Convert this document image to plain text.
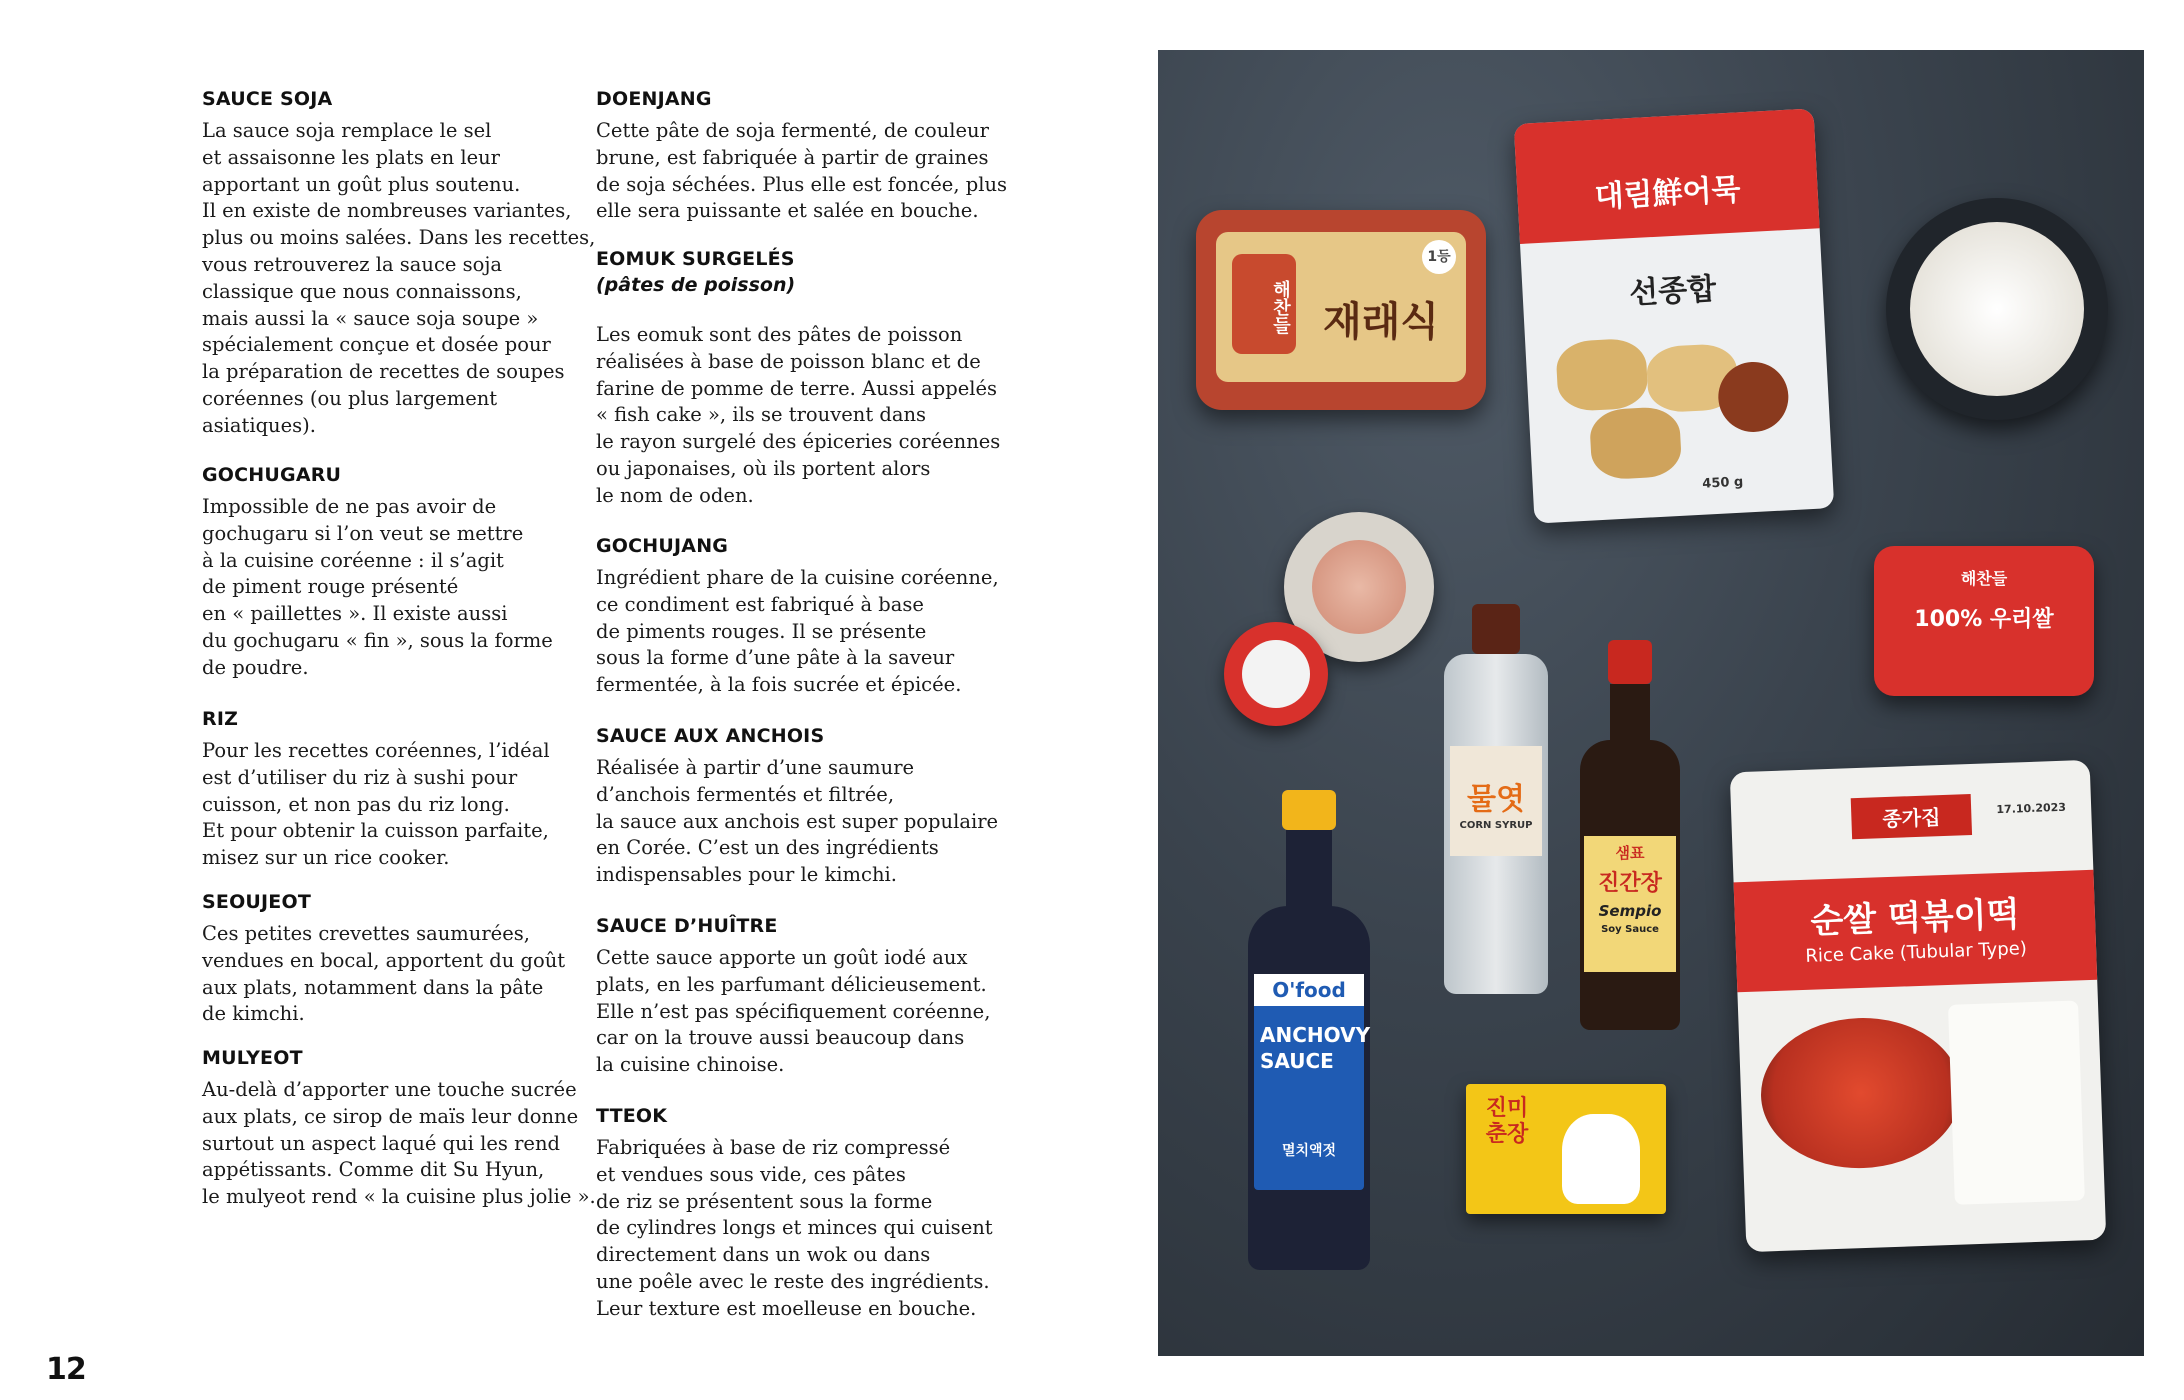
SAUCE SOJA

La sauce soja remplace le sel
et assaisonne les plats en leur
apportant un goût plus soutenu.
Il en existe de nombreuses variantes,
plus ou moins salées. Dans les recettes,
vous retrouverez la sauce soja
classique que nous connaissons,
mais aussi la « sauce soja soupe »
spécialement conçue et dosée pour
la préparation de recettes de soupes
coréennes (ou plus largement
asiatiques).

GOCHUGARU

Impossible de ne pas avoir de
gochugaru si l’on veut se mettre
à la cuisine coréenne : il s’agit
de piment rouge présenté
en « paillettes ». Il existe aussi
du gochugaru « fin », sous la forme
de poudre.

RIZ

Pour les recettes coréennes, l’idéal
est d’utiliser du riz à sushi pour
cuisson, et non pas du riz long.
Et pour obtenir la cuisson parfaite,
misez sur un rice cooker.

SEOUJEOT

Ces petites crevettes saumurées,
vendues en bocal, apportent du goût
aux plats, notamment dans la pâte
de kimchi.

MULYEOT

Au-delà d’apporter une touche sucrée
aux plats, ce sirop de maïs leur donne
surtout un aspect laqué qui les rend
appétissants. Comme dit Su Hyun,
le mulyeot rend « la cuisine plus jolie ».

DOENJANG

Cette pâte de soja fermenté, de couleur
brune, est fabriquée à partir de graines
de soja séchées. Plus elle est foncée, plus
elle sera puissante et salée en bouche.

EOMUK SURGELÉS
(pâtes de poisson)

Les eomuk sont des pâtes de poisson
réalisées à base de poisson blanc et de
farine de pomme de terre. Aussi appelés
« fish cake », ils se trouvent dans
le rayon surgelé des épiceries coréennes
ou japonaises, où ils portent alors
le nom de oden.

GOCHUJANG

Ingrédient phare de la cuisine coréenne,
ce condiment est fabriqué à base
de piments rouges. Il se présente
sous la forme d’une pâte à la saveur
fermentée, à la fois sucrée et épicée.

SAUCE AUX ANCHOIS

Réalisée à partir d’une saumure
d’anchois fermentés et filtrée,
la sauce aux anchois est super populaire
en Corée. C’est un des ingrédients
indispensables pour le kimchi.

SAUCE D’HUÎTRE

Cette sauce apporte un goût iodé aux
plats, en les parfumant délicieusement.
Elle n’est pas spécifiquement coréenne,
car on la trouve aussi beaucoup dans
la cuisine chinoise.

TTEOK

Fabriquées à base de riz compressé
et vendues sous vide, ces pâtes
de riz se présentent sous la forme
de cylindres longs et minces qui cuisent
directement dans un wok ou dans
une poêle avec le reste des ingrédients.
Leur texture est moelleuse en bouche.

12
해찬들 재래식
1등
대림鮮어묵
선종합
450 g
해찬들
100% 우리쌀
물엿
CORN SYRUP
샘표
진간장
Sempio
Soy Sauce
O'food
ANCHOVY SAUCE
멸치액젓
진미 춘장
종가집	17.10.2023
순쌀 떡볶이떡
Rice Cake (Tubular Type)
